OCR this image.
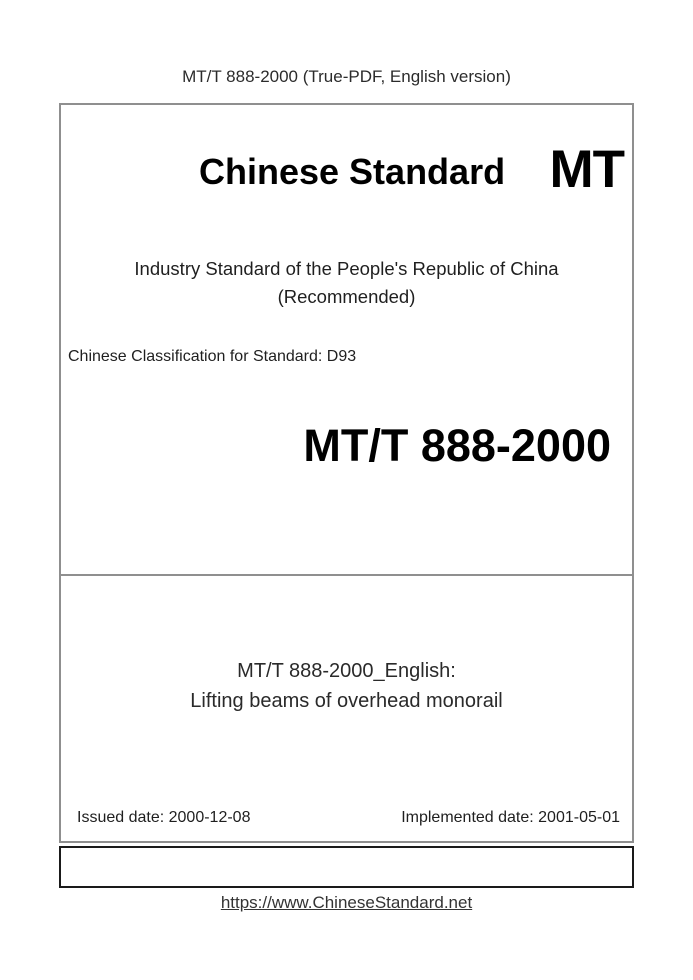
MT/T 888-2000 (True-PDF, English version)
Chinese Standard MT
Industry Standard of the People's Republic of China
(Recommended)
Chinese Classification for Standard: D93
MT/T 888-2000
MT/T 888-2000_English:
Lifting beams of overhead monorail
Issued date: 2000-12-08	Implemented date: 2001-05-01
https://www.ChineseStandard.net
